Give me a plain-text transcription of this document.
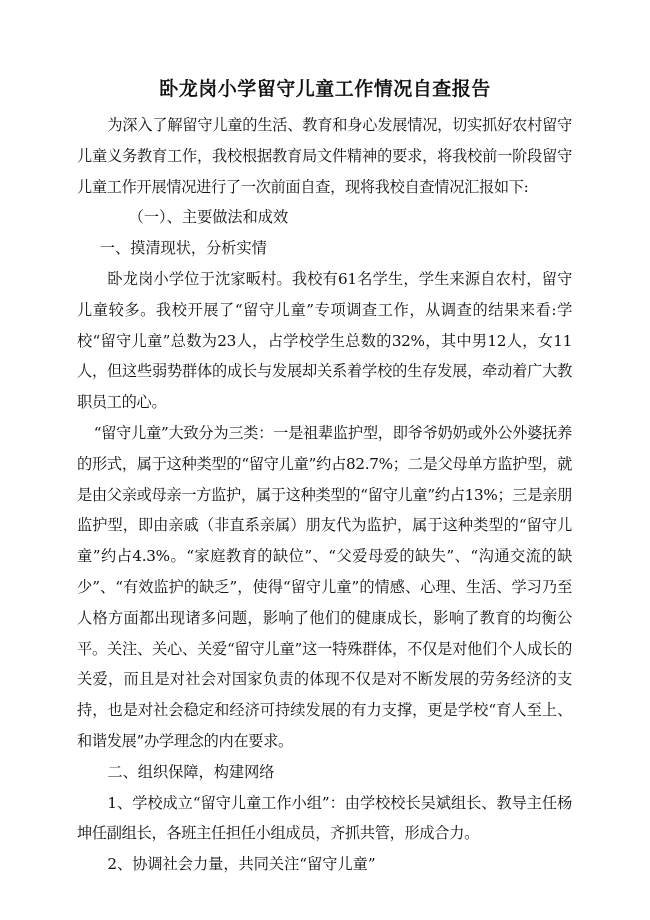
卧龙岗小学留守儿童工作情况自查报告

为深入了解留守儿童的生活、教育和身心发展情况，切实抓好农村留守儿童义务教育工作，我校根据教育局文件精神的要求，将我校前一阶段留守儿童工作开展情况进行了一次前面自查，现将我校自查情况汇报如下:

（一）、主要做法和成效

一、摸清现状，分析实情

卧龙岗小学位于沈家畈村。我校有61名学生，学生来源自农村，留守儿童较多。我校开展了“留守儿童”专项调查工作，从调查的结果来看:学校“留守儿童”总数为23人，占学校学生总数的32%，其中男12人，女11人，但这些弱势群体的成长与发展却关系着学校的生存发展，牵动着广大教职员工的心。

“留守儿童”大致分为三类：一是祖辈监护型，即爷爷奶奶或外公外婆抚养的形式，属于这种类型的“留守儿童”约占82.7%；二是父母单方监护型，就是由父亲或母亲一方监护，属于这种类型的“留守儿童”约占13%；三是亲朋监护型，即由亲戚（非直系亲属）朋友代为监护，属于这种类型的“留守儿童”约占4.3%。“家庭教育的缺位”、“父爱母爱的缺失”、“沟通交流的缺少”、“有效监护的缺乏”，使得“留守儿童”的情感、心理、生活、学习乃至人格方面都出现诸多问题，影响了他们的健康成长，影响了教育的均衡公平。关注、关心、关爱“留守儿童”这一特殊群体，不仅是对他们个人成长的关爱，而且是对社会对国家负责的体现不仅是对不断发展的劳务经济的支持，也是对社会稳定和经济可持续发展的有力支撑，更是学校“育人至上、和谐发展”办学理念的内在要求。

二、组织保障，构建网络

1、学校成立“留守儿童工作小组”：由学校校长吴斌组长、教导主任杨坤任副组长，各班主任担任小组成员，齐抓共管，形成合力。

2、协调社会力量，共同关注“留守儿童”
